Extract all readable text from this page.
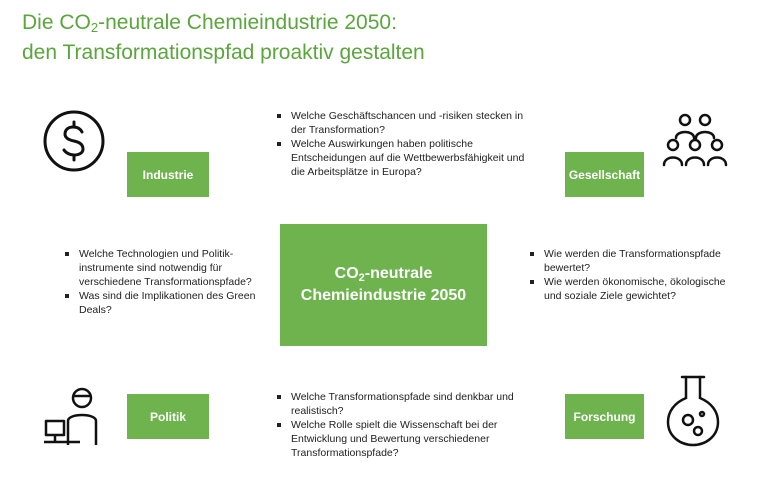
Die $CO_2$-neutrale Chemieindustrie 2050:
den Transformationspfad proaktiv gestalten
Industrie	Gesellschaft
Politik	Forschung
$CO_2$-neutrale
Chemieindustrie 2050
Welche Geschäftschancen und -risiken stecken in der Transformation?
Welche Auswirkungen haben politische Entscheidungen auf die Wettbewerbsfähigkeit und die Arbeitsplätze in Europa?
Welche Technologien und Politik-instrumente sind notwendig für verschiedene Transformationspfade?
Was sind die Implikationen des Green Deals?
Wie werden die Transformationspfade bewertet?
Wie werden ökonomische, ökologische und soziale Ziele gewichtet?
Welche Transformationspfade sind denkbar und realistisch?
Welche Rolle spielt die Wissenschaft bei der Entwicklung und Bewertung verschiedener Transformationspfade?
